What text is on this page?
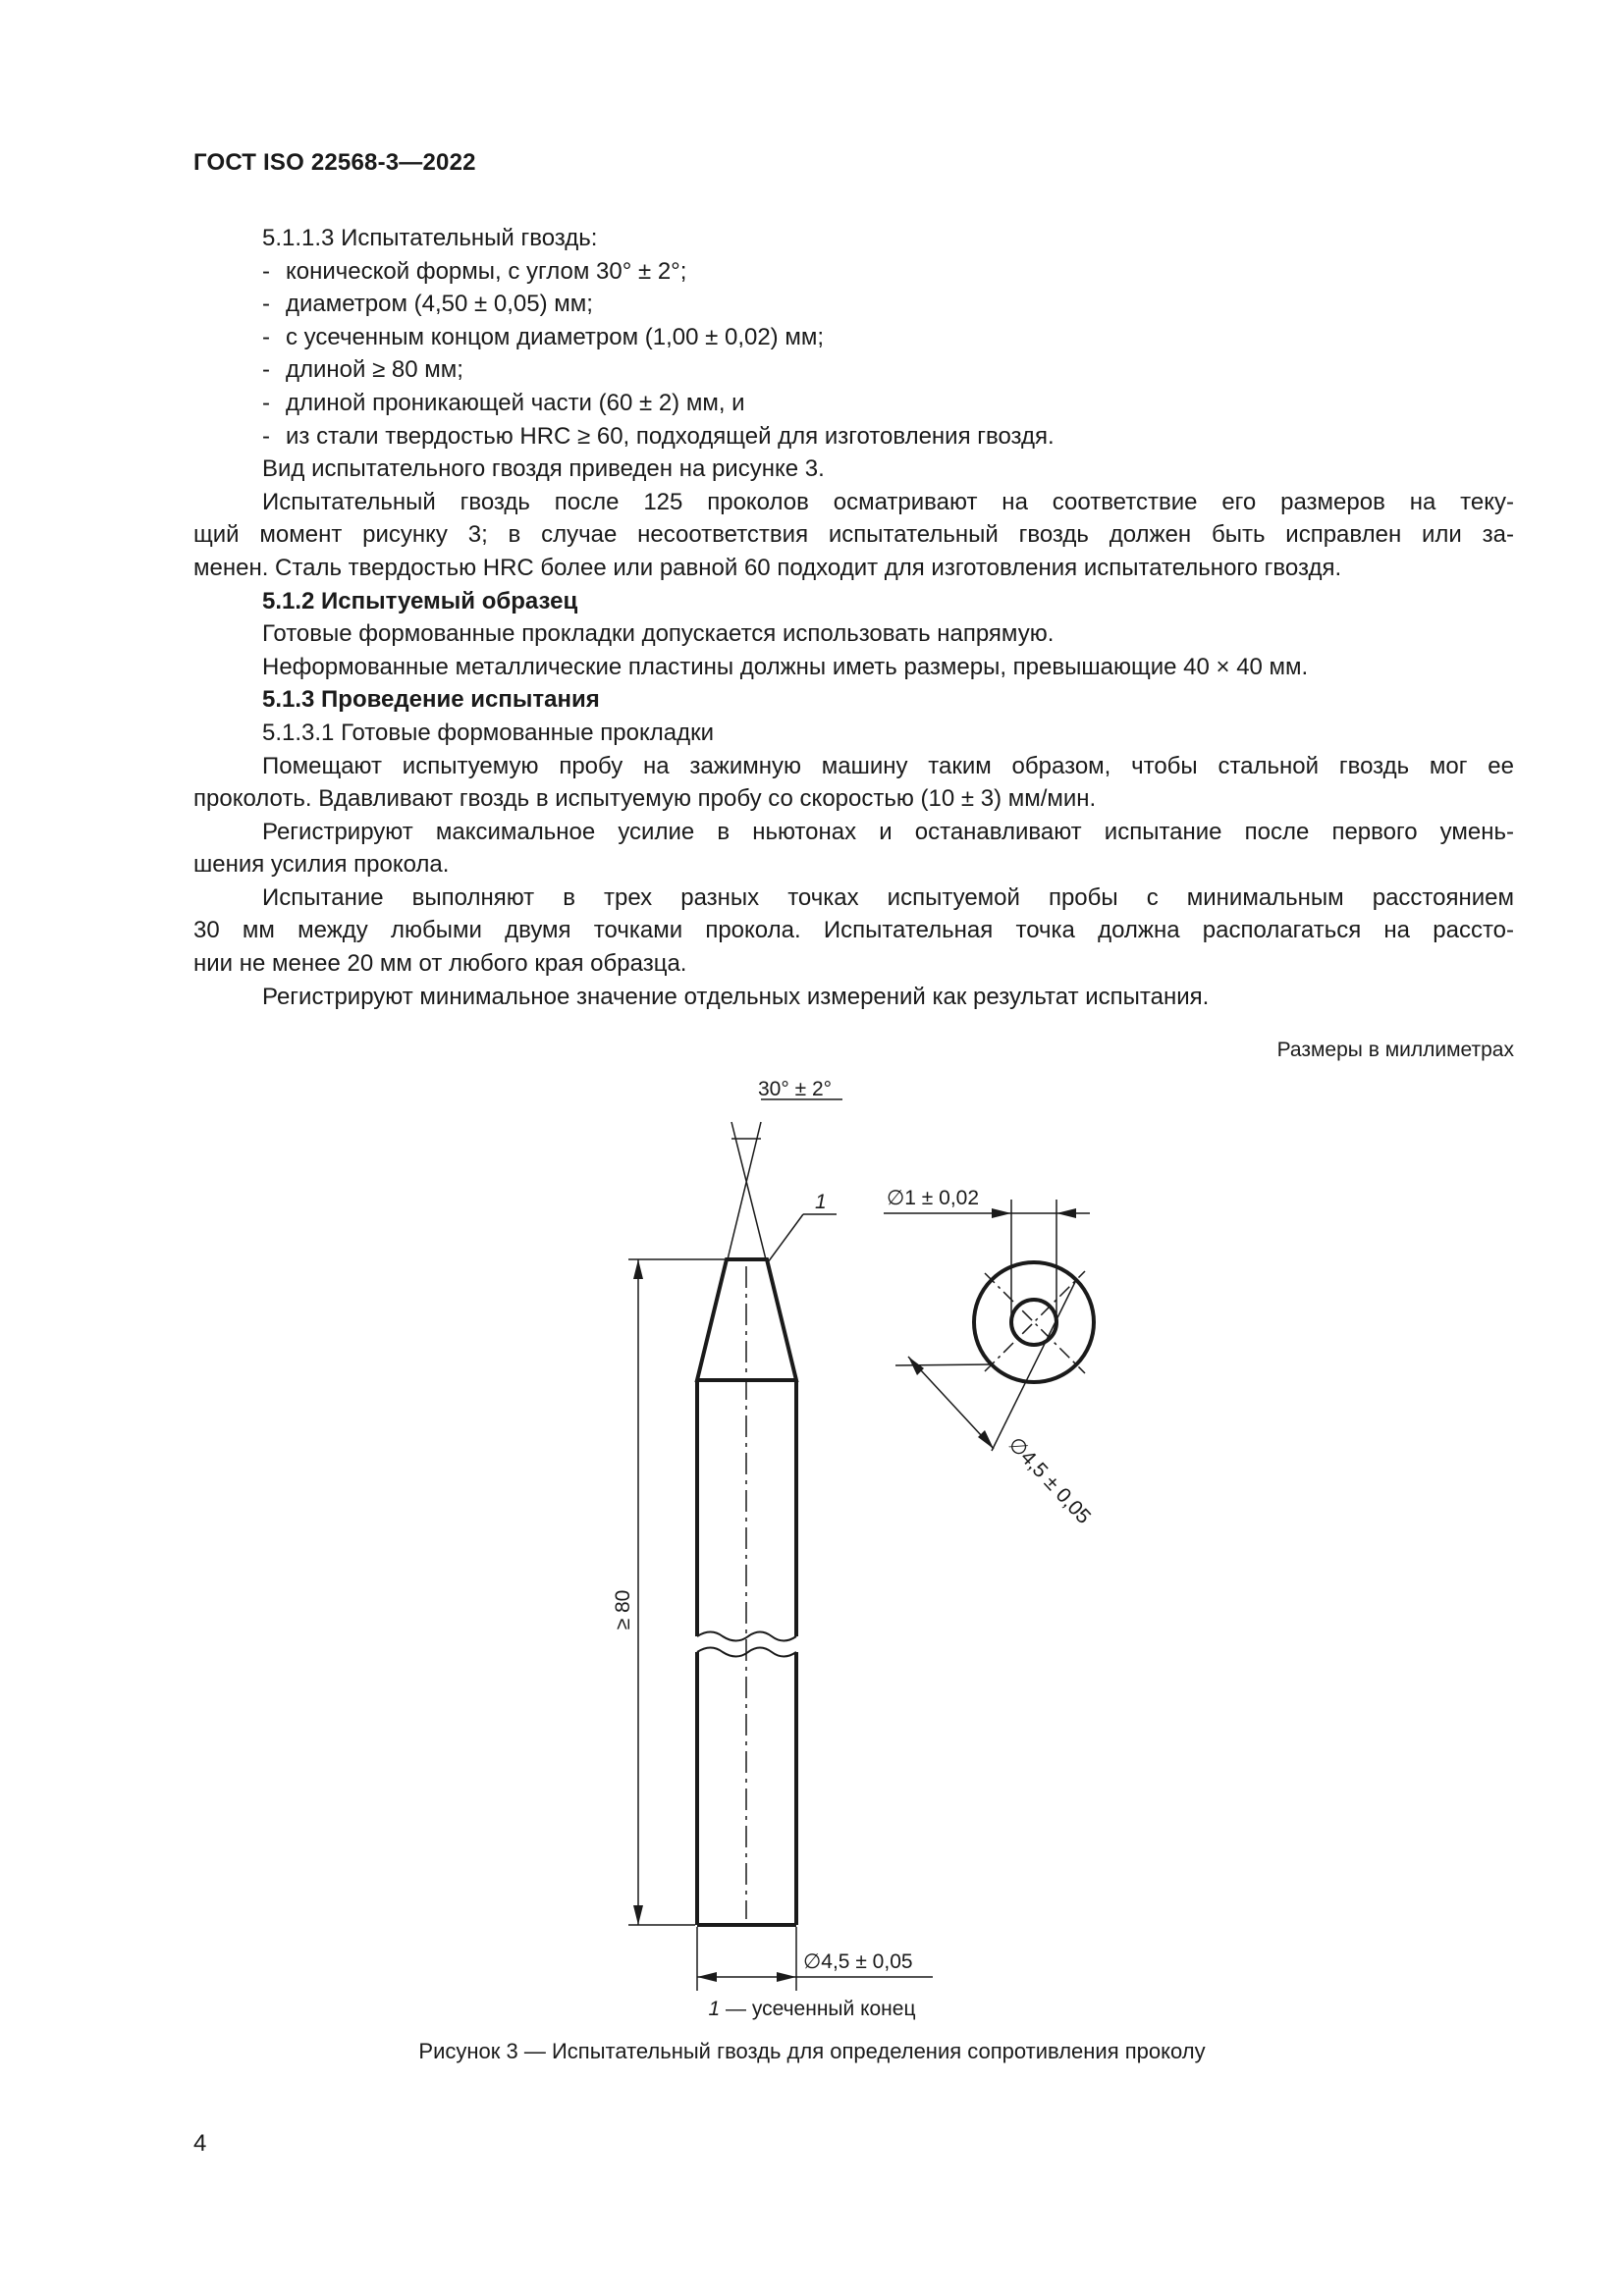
ГОСТ ISO 22568-3—2022

5.1.1.3 Испытательный гвоздь:

- конической формы, с углом 30° ± 2°;

- диаметром (4,50 ± 0,05) мм;

- с усеченным концом диаметром (1,00 ± 0,02) мм;

- длиной ≥ 80 мм;

- длиной проникающей части (60 ± 2) мм, и

- из стали твердостью HRC ≥ 60, подходящей для изготовления гвоздя.

Вид испытательного гвоздя приведен на рисунке 3.

Испытательный гвоздь после 125 проколов осматривают на соответствие его размеров на теку-

щий момент рисунку 3; в случае несоответствия испытательный гвоздь должен быть исправлен или за-

менен. Сталь твердостью HRC более или равной 60 подходит для изготовления испытательного гвоздя.

5.1.2 Испытуемый образец

Готовые формованные прокладки допускается использовать напрямую.

Неформованные металлические пластины должны иметь размеры, превышающие 40 × 40 мм.

5.1.3 Проведение испытания

5.1.3.1 Готовые формованные прокладки

Помещают испытуемую пробу на зажимную машину таким образом, чтобы стальной гвоздь мог ее

проколоть. Вдавливают гвоздь в испытуемую пробу со скоростью (10 ± 3) мм/мин.

Регистрируют максимальное усилие в ньютонах и останавливают испытание после первого умень-

шения усилия прокола.

Испытание выполняют в трех разных точках испытуемой пробы с минимальным расстоянием

30 мм между любыми двумя точками прокола. Испытательная точка должна располагаться на рассто-

нии не менее 20 мм от любого края образца.

Регистрируют минимальное значение отдельных измерений как результат испытания.

Размеры в миллиметрах
30° ± 2°
1
≥ 80
∅4,5 ± 0,05
∅1 ± 0,02
∅4,5 ± 0,05
1 — усеченный конец
Рисунок 3 — Испытательный гвоздь для определения сопротивления проколу
4
